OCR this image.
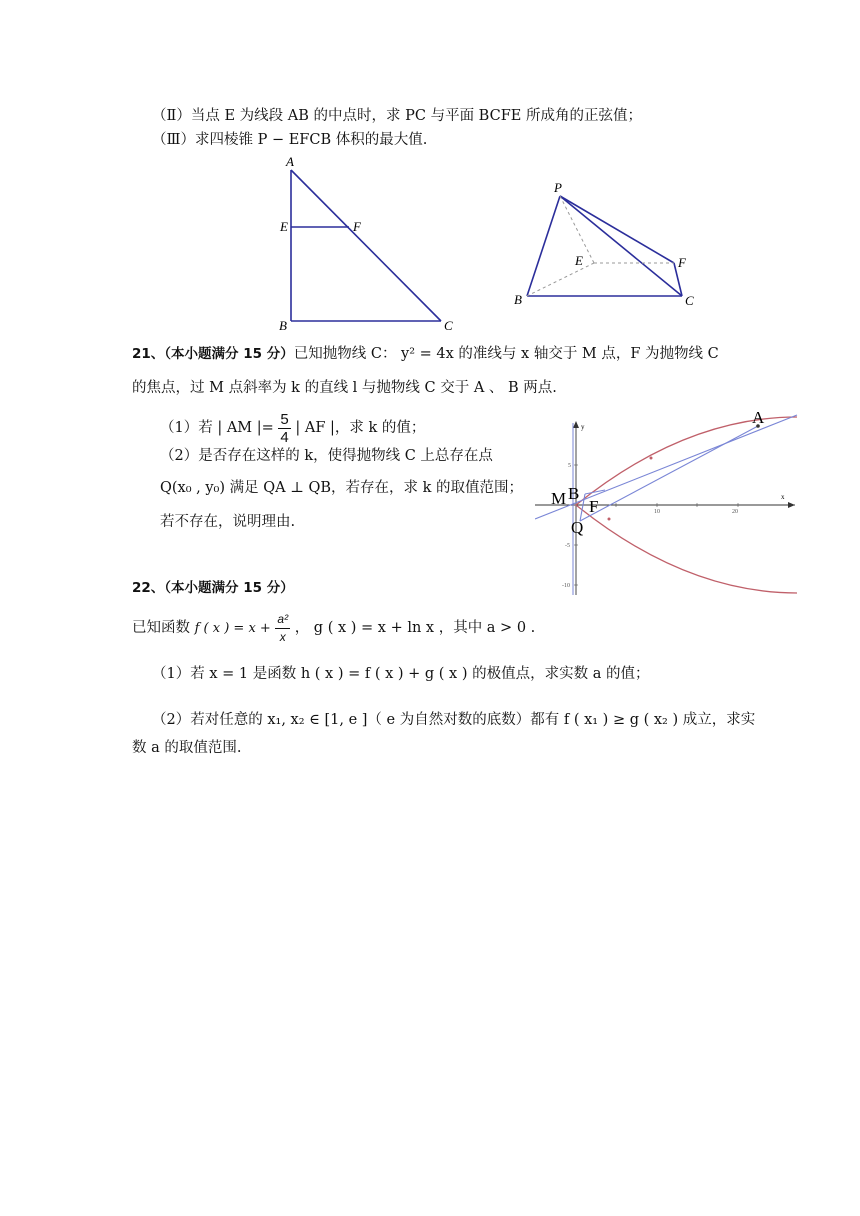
（Ⅱ）当点 E 为线段 AB 的中点时，求 PC 与平面 BCFE 所成角的正弦值；
（Ⅲ）求四棱锥 P − EFCB 体积的最大值.
A
E	F
B	C
P
E	F
B	C
21、（本小题满分 15 分）已知抛物线 C： y² = 4x 的准线与 x 轴交于 M 点，F 为抛物线 C
的焦点，过 M 点斜率为 k 的直线 l 与抛物线 C 交于 A 、 B 两点.
（1）若 | AM |= $\frac{5}{4}$ | AF |，求 k 的值；
（2）是否存在这样的 k，使得抛物线 C 上总存在点
Q(x₀ , y₀) 满足 QA ⊥ QB，若存在，求 k 的取值范围；
若不存在，说明理由.
x
y
10	20
5
-5
-10
A
M B
F
Q
22、（本小题满分 15 分）
已知函数 f ( x ) = $x + \frac{\text{a²}}{x}$ ， g ( x ) = x + ln x ，其中 a > 0 .
（1）若 x = 1 是函数 h ( x ) = f ( x ) + g ( x ) 的极值点，求实数 a 的值；
（2）若对任意的 x₁, x₂ ∈ [1, e ]（ e 为自然对数的底数）都有 f ( x₁ ) ≥ g ( x₂ ) 成立，求实
数 a 的取值范围.
